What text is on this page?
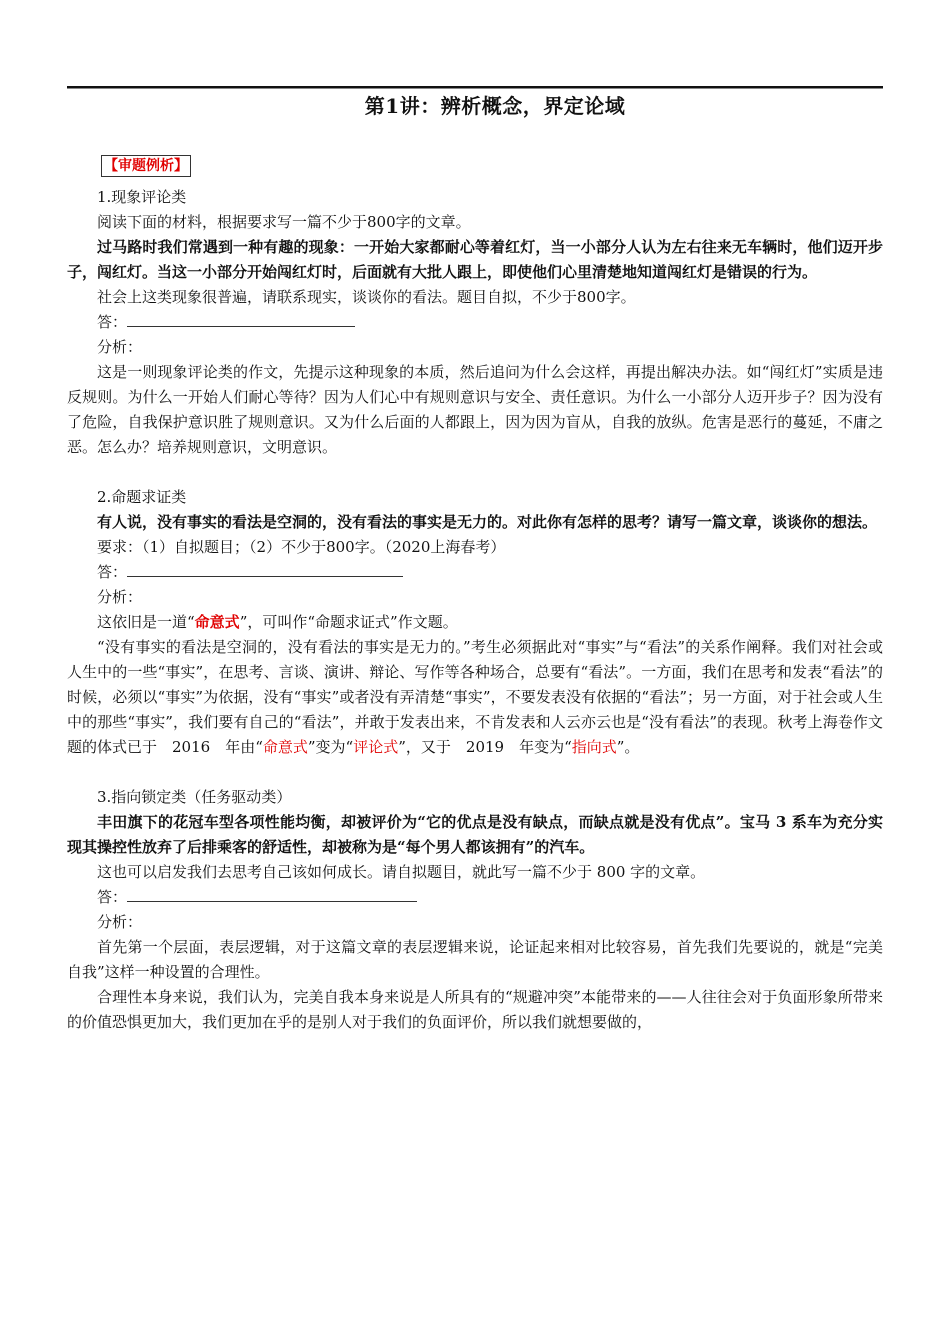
第1讲：辨析概念，界定论域
【审题例析】

1.现象评论类

阅读下面的材料，根据要求写一篇不少于800字的文章。

过马路时我们常遇到一种有趣的现象：一开始大家都耐心等着红灯，当一小部分人认为左右往来无车辆时，他们迈开步子，闯红灯。当这一小部分开始闯红灯时，后面就有大批人跟上，即使他们心里清楚地知道闯红灯是错误的行为。

社会上这类现象很普遍，请联系现实，谈谈你的看法。题目自拟，不少于800字。

答：

分析：

这是一则现象评论类的作文，先提示这种现象的本质，然后追问为什么会这样，再提出解决办法。如“闯红灯”实质是违反规则。为什么一开始人们耐心等待？因为人们心中有规则意识与安全、责任意识。为什么一小部分人迈开步子？因为没有了危险，自我保护意识胜了规则意识。又为什么后面的人都跟上，因为因为盲从，自我的放纵。危害是恶行的蔓延，不庸之恶。怎么办？培养规则意识，文明意识。

2.命题求证类

有人说，没有事实的看法是空洞的，没有看法的事实是无力的。对此你有怎样的思考？请写一篇文章，谈谈你的想法。

要求：（1）自拟题目；（2）不少于800字。（2020上海春考）

答：

分析：

这依旧是一道“命意式”，可叫作“命题求证式”作文题。

“没有事实的看法是空洞的，没有看法的事实是无力的。”考生必须据此对“事实”与“看法”的关系作阐释。我们对社会或人生中的一些“事实”，在思考、言谈、演讲、辩论、写作等各种场合，总要有“看法”。一方面，我们在思考和发表“看法”的时候，必须以“事实”为依据，没有“事实”或者没有弄清楚“事实”，不要发表没有依据的“看法”；另一方面，对于社会或人生中的那些“事实”，我们要有自己的“看法”，并敢于发表出来，不肯发表和人云亦云也是“没有看法”的表现。秋考上海卷作文题的体式已于　2016　年由“命意式”变为“评论式”，又于　2019　年变为“指向式”。

3.指向锁定类（任务驱动类）

丰田旗下的花冠车型各项性能均衡，却被评价为“它的优点是没有缺点，而缺点就是没有优点”。宝马 3 系车为充分实现其操控性放弃了后排乘客的舒适性，却被称为是“每个男人都该拥有”的汽车。

这也可以启发我们去思考自己该如何成长。请自拟题目，就此写一篇不少于 800 字的文章。

答：

分析：

首先第一个层面，表层逻辑，对于这篇文章的表层逻辑来说，论证起来相对比较容易，首先我们先要说的，就是“完美自我”这样一种设置的合理性。

合理性本身来说，我们认为，完美自我本身来说是人所具有的“规避冲突”本能带来的——人往往会对于负面形象所带来的价值恐惧更加大，我们更加在乎的是别人对于我们的负面评价，所以我们就想要做的，
